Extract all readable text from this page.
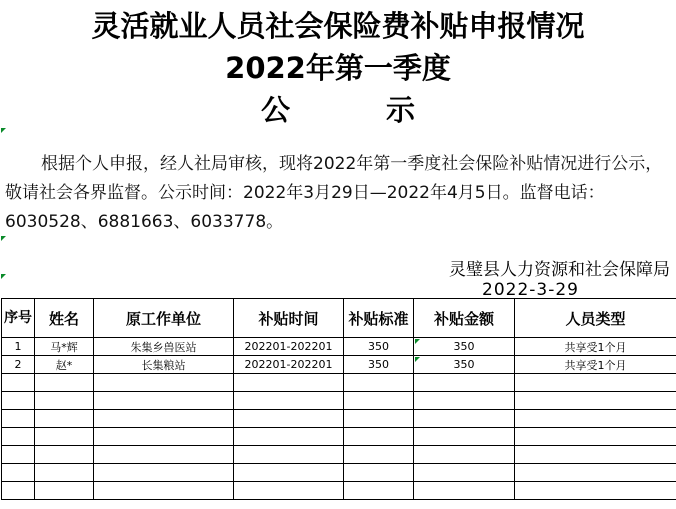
灵活就业人员社会保险费补贴申报情况
2022年第一季度
公	示
根据个人申报，经人社局审核，现将2022年第一季度社会保险补贴情况进行公示，敬请社会各界监督。公示时间：2022年3月29日—2022年4月5日。监督电话：6030528、6881663、6033778。
灵璧县人力资源和社会保障局
2022-3-29
序号	姓名	原工作单位	补贴时间	补贴标准	补贴金额	人员类型
1	马*辉	朱集乡兽医站	202201-202201	350	350	共享受1个月
2	赵*	长集粮站	202201-202201	350	350	共享受1个月
